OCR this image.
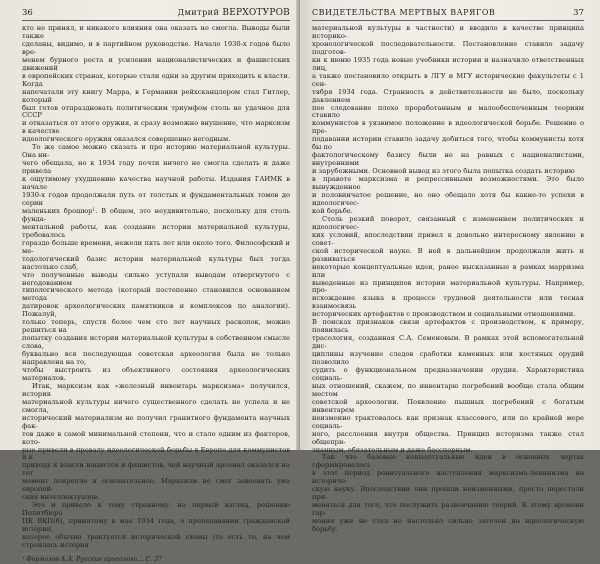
36	Дмитрий ВЕРХОТУРОВ

кто не принял, и никакого влияния она оказать не смогла. Выводы были также
сделаны, видимо, и в партийном руководстве. Начало 1930-х годов было вре-
менем бурного роста и усиления националистических и фашистских движений
в европейских странах, которые стали одни за другим приходить к власти. Когда
напечатали эту книгу Марра, в Германии рейхсканцлером стал Гитлер, который
был готов отпраздновать политическим триумфом столь не удачное для СССР
и отказаться от этого оружия, и сразу возможно внушение, что марксизм в качестве
идеологического оружия оказался совершенно негодным.

То же самое можно сказать и про историю материальной культуры. Она ни-
чего обещала, но к 1934 году почти ничего не смогла сделать и даже привела
к ощутимому ухудшению качества научной работы. Издания ГАИМК в начале
1930-х годов продолжали путь от толстых и фундаментальных томов до серии
маленьких брошюр¹. В общем, это неудивительно, поскольку для столь фунда-
ментальной работы, как создание истории материальной культуры, требовалось
гораздо больше времени, нежели пять лет или около того. Философский и ме-
тодологический базис истории материальной культуры был тогда настолько слаб,
что полученные выводы сильно уступали выводам отвергнутого с негодованием
типологического метода (который постепенно становился основанием метода
датировок археологических памятников и комплексов по аналогии). Пожалуй,
только теперь, спустя более чем сто лет научных раскопок, можно решиться на
попытку создания истории материальной культуры в собственном смысле слова,
буквально вся последующая советская археология была не только направлена на то,
чтобы выстроить из объективного состояния археологических материалов.

Итак, марксизм как «железный инвентарь марксизма» получился, история
материальной культуры ничего существенного сделать не успела и не смогла,
исторический материализм не получил гранитного фундамента научных фак-
тов даже в самой минимальной степени, что и стало одним из факторов, кото-
рые привели в провалу идеологической борьбы в Европе для коммунистов и к
приходу к власти нацистов и фашистов, чей научный арсенал оказался на тот
момент покрепче и основательнее. Марксизм не смог завоевать ума европей-
ских интеллектуалов.

Это и привело к тому странному, на первый взгляд, решению Политбюро
ЦК ВКП(б), принятому в мае 1934 года, о преподавании гражданской истории,
которое обычно трактуется исторической схемы (то есть то, на чем строилась история

¹ Формозов А.А. Русские археологи… С. 37.
СВИДЕТЕЛЬСТВА МЕРТВЫХ ВАРЯГОВ	37

материальной культуры в частности) и вводило в качестве принципа историко-
хронологической последовательности. Постановление ставило задачу подготов-
ки к июню 1935 года новые учебники истории и назначило ответственных лиц,
а также постановило открыть в ЛГУ и МГУ исторические факультеты с 1 сен-
тября 1934 года. Странность в действительности не было, поскольку давлением
пее следование плохо проработанным и малообеспеченным теориям ставило
коммунистов в уязвимое положение в идеологической борьбе. Решение о пре-
подавании истории ставило задачу добиться того, чтобы коммунисты хотя бы по
фактологическому базису были не на равных с националистами, внутренними
и зарубежными. Основной вывод из этого была попытка создать историю
в правоте марксизма и репрессивными возможностями. Это было вынужденное
и половинчатое решение, но оно обещало хотя бы какие-то успехи в идеологичес-
кой борьбе.

Столь резкий поворот, связанный с изменением политических и идеологичес-
ких условий, впоследствии привел к довольно интересному явлению в совет-
ской исторической науке. В ней в дальнейшем продолжали жить и развиваться
некоторые концептуальные идеи, ранее высказанные в рамках марризма или
выведенные из принципов истории материальной культуры. Например, про-
исхождение языка в процессе трудовой деятельности или тесная взаимосвязь
исторических артефактов с производством и социальными отношениями.
В поисках признаков связи артефактов с производством, к примеру, появилась
трасология, созданная С.А. Семеновым. В рамках этой вспомогательной дис-
циплины изучение следов сработки каменных или костяных орудий позволило
судить о функциональном предназначении орудия. Характеристика социаль-
ных отношений, скажем, по инвентарю погребений вообще стала общим местом
советской археологии. Появление пышных погребений с богатым инвентарем
неизменно трактовалось как признак классового, или по крайней мере социаль-
ного, расслоения внутри общества. Принцип историзма также стал общепри-
знанным, обязательным и даже бесспорным.

Так что базовые концептуальные идеи в основных чертах сформировалось
в этот период ренитуального наступления марксизма-ленинизма на историче-
скую науку. Впоследствии они прошли неизменными, просто перестали при-
меняться для того, что послужить развенчанию теорий. К этому времени гар-
мония уже не стал не настолько сильно заточен на идеологическую борьбу.
